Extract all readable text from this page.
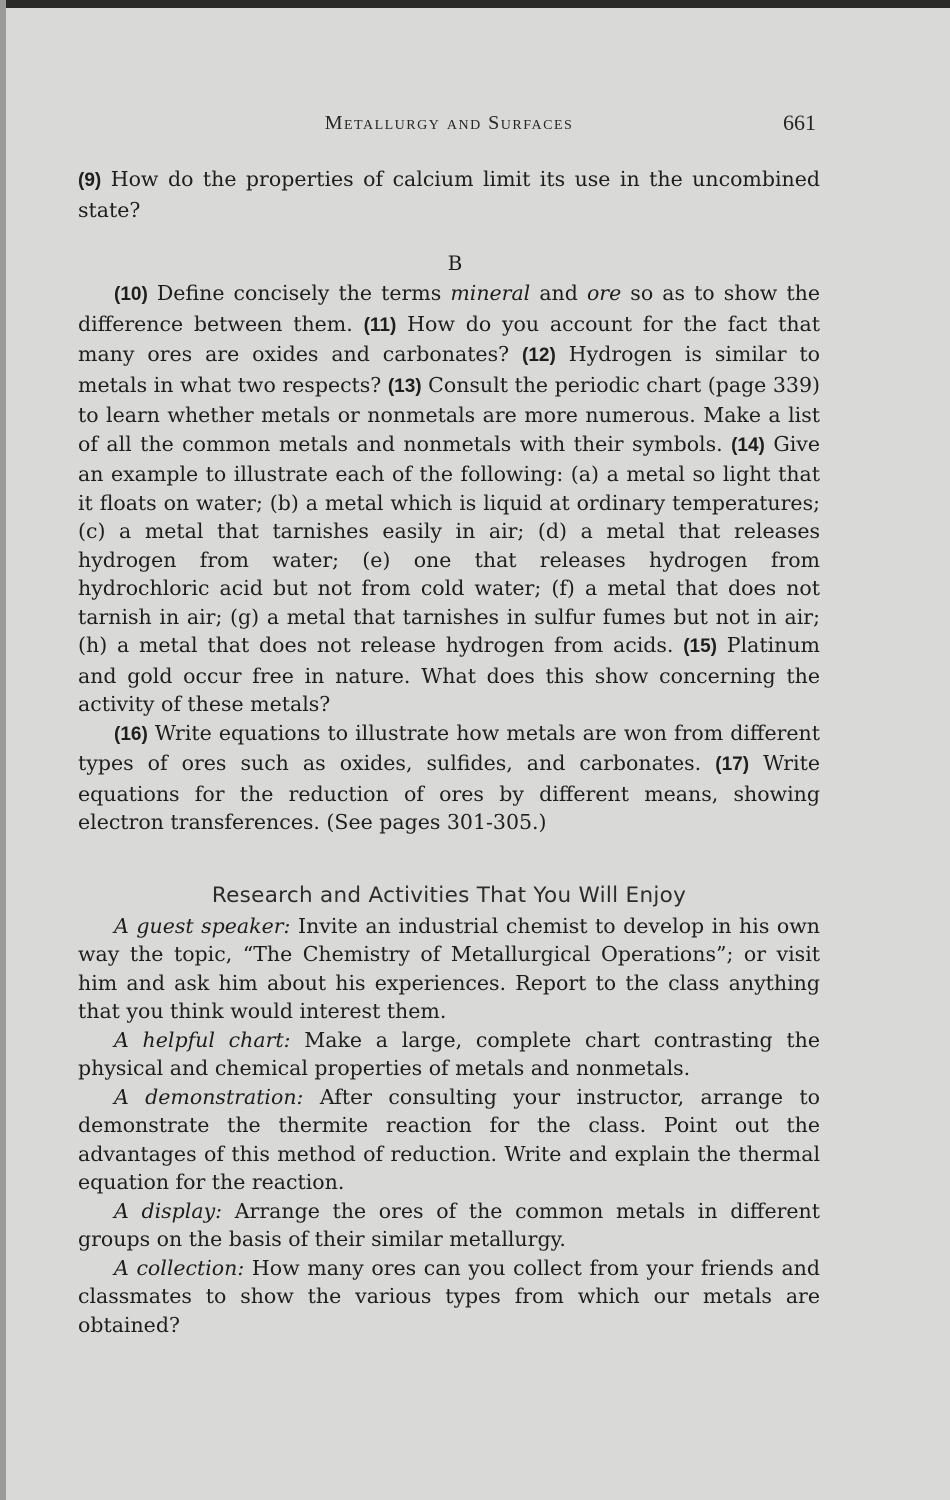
Metallurgy and Surfaces	661

(9) How do the properties of calcium limit its use in the uncombined state?

B

(10) Define concisely the terms mineral and ore so as to show the difference between them. (11) How do you account for the fact that many ores are oxides and carbonates? (12) Hydrogen is similar to metals in what two respects? (13) Consult the periodic chart (page 339) to learn whether metals or nonmetals are more numerous. Make a list of all the common metals and nonmetals with their symbols. (14) Give an example to illustrate each of the following: (a) a metal so light that it floats on water; (b) a metal which is liquid at ordinary temperatures; (c) a metal that tarnishes easily in air; (d) a metal that releases hydrogen from water; (e) one that releases hydrogen from hydrochloric acid but not from cold water; (f) a metal that does not tarnish in air; (g) a metal that tarnishes in sulfur fumes but not in air; (h) a metal that does not release hydrogen from acids. (15) Platinum and gold occur free in nature. What does this show concerning the activity of these metals?

(16) Write equations to illustrate how metals are won from different types of ores such as oxides, sulfides, and carbonates. (17) Write equations for the reduction of ores by different means, showing electron transferences. (See pages 301-305.)

Research and Activities That You Will Enjoy

A guest speaker: Invite an industrial chemist to develop in his own way the topic, “The Chemistry of Metallurgical Operations”; or visit him and ask him about his experiences. Report to the class anything that you think would interest them.

A helpful chart: Make a large, complete chart contrasting the physical and chemical properties of metals and nonmetals.

A demonstration: After consulting your instructor, arrange to demonstrate the thermite reaction for the class. Point out the advantages of this method of reduction. Write and explain the thermal equation for the reaction.

A display: Arrange the ores of the common metals in different groups on the basis of their similar metallurgy.

A collection: How many ores can you collect from your friends and classmates to show the various types from which our metals are obtained?
